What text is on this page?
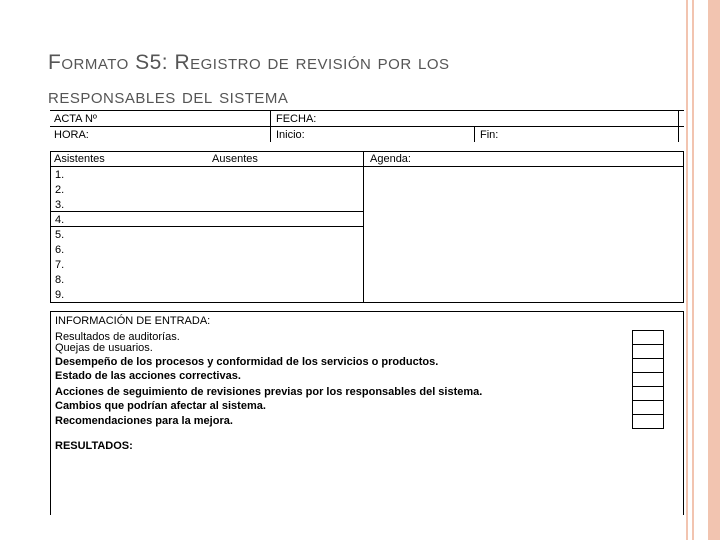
Formato S5: Registro de revisión por los
responsables del sistema
ACTA Nº	FECHA:
HORA:	Inicio:	Fin:
Asistentes	Ausentes	Agenda:
1.
2.
3.
4.
5.
6.
7.
8.
9.
INFORMACIÓN DE ENTRADA:
Resultados de auditorías.
Quejas de usuarios.
Desempeño de los procesos y conformidad de los servicios o productos.
Estado de las acciones correctivas.
Acciones de seguimiento de revisiones previas por los responsables del sistema.
Cambios que podrían afectar al sistema.
Recomendaciones para la mejora.
RESULTADOS:
